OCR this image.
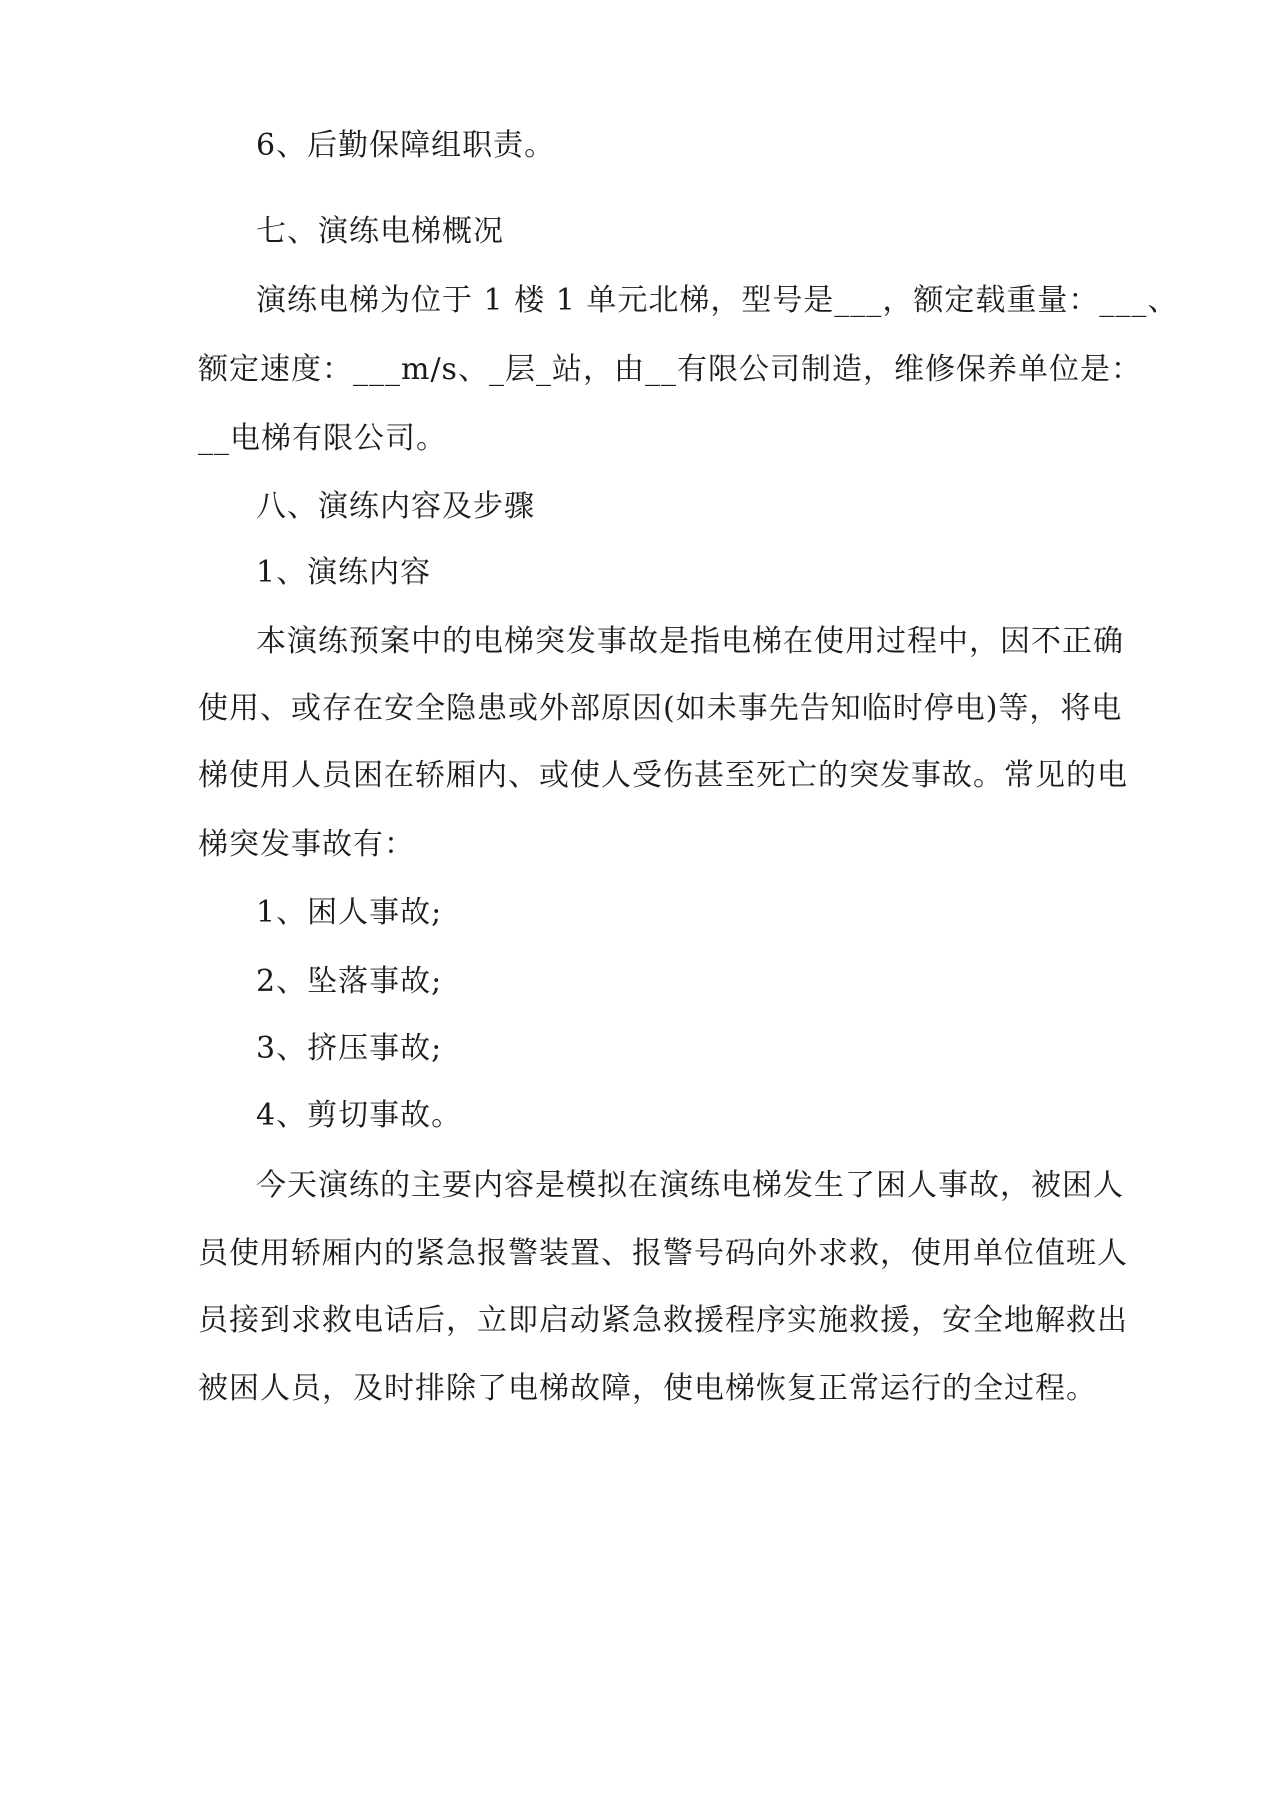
6、后勤保障组职责。
七、演练电梯概况
演练电梯为位于 1 楼 1 单元北梯， 型号是___，额定载重量： ___、
额定速度： ___m/s、_层_站，由__有限公司制造，维修保养单位是：
__电梯有限公司。
八、演练内容及步骤
1、演练内容
本演练预案中的电梯突发事故是指电梯在使用过程中， 因不正确
使用、 或存在安全隐患或外部原因(如未事先告知临时停电)等， 将电
梯使用人员困在轿厢内、 或使人受伤甚至死亡的突发事故。 常见的电
梯突发事故有：
1、困人事故;
2、坠落事故;
3、挤压事故;
4、剪切事故。
今天演练的主要内容是模拟在演练电梯发生了困人事故， 被困人
员使用轿厢内的紧急报警装置、 报警号码向外求救， 使用单位值班人
员接到求救电话后， 立即启动紧急救援程序实施救援， 安全地解救出
被困人员，及时排除了电梯故障，使电梯恢复正常运行的全过程。
